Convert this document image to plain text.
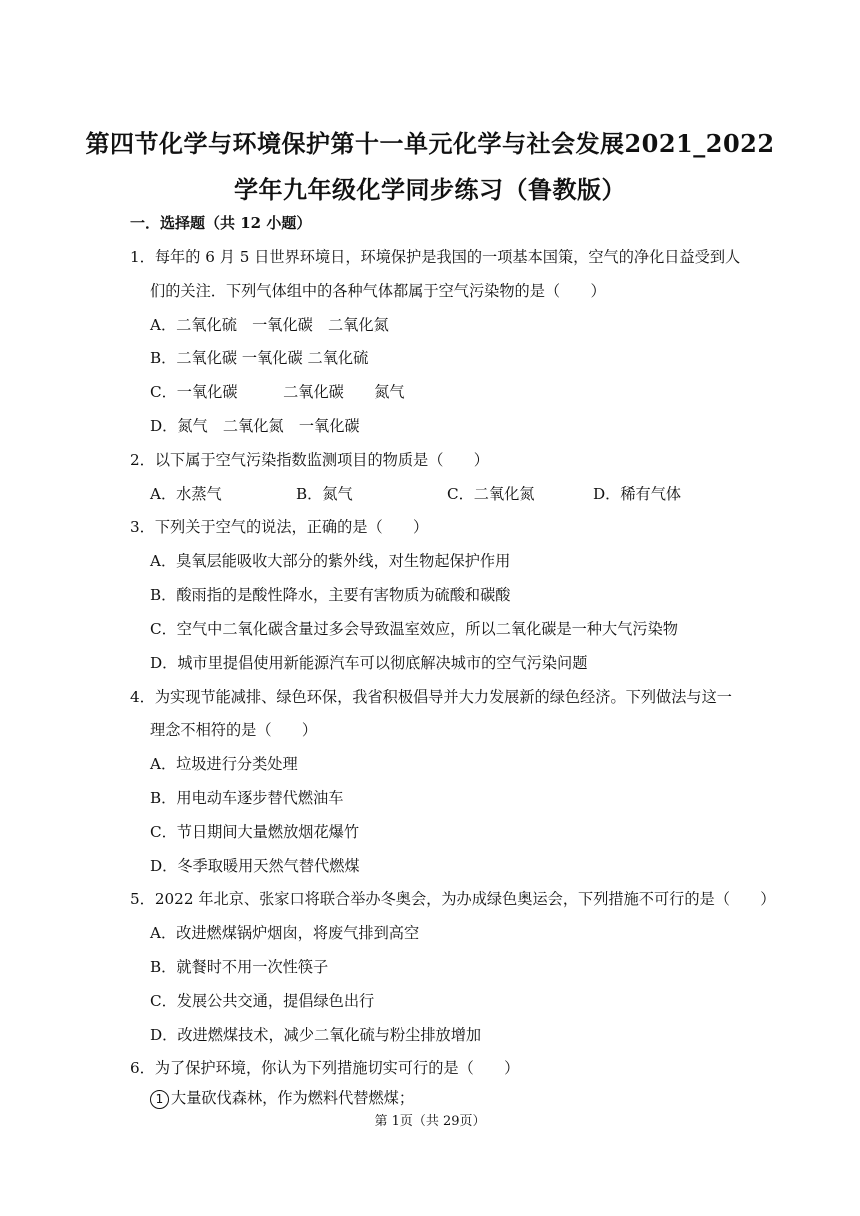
第四节化学与环境保护第十一单元化学与社会发展2021_2022
学年九年级化学同步练习（鲁教版）
一．选择题（共 12 小题）
1．每年的 6 月 5 日世界环境日，环境保护是我国的一项基本国策，空气的净化日益受到人
们的关注．下列气体组中的各种气体都属于空气污染物的是（　　）
A．二氧化硫　一氧化碳　二氧化氮
B．二氧化碳 一氧化碳 二氧化硫
C．一氧化碳　　　二氧化碳　　氮气
D．氮气　二氧化氮　一氧化碳
2．以下属于空气污染指数监测项目的物质是（　　）
A．水蒸气	B．氮气	C．二氧化氮	D．稀有气体
3．下列关于空气的说法，正确的是（　　）
A．臭氧层能吸收大部分的紫外线，对生物起保护作用
B．酸雨指的是酸性降水，主要有害物质为硫酸和碳酸
C．空气中二氧化碳含量过多会导致温室效应，所以二氧化碳是一种大气污染物
D．城市里提倡使用新能源汽车可以彻底解决城市的空气污染问题
4．为实现节能减排、绿色环保，我省积极倡导并大力发展新的绿色经济。下列做法与这一
理念不相符的是（　　）
A．垃圾进行分类处理
B．用电动车逐步替代燃油车
C．节日期间大量燃放烟花爆竹
D．冬季取暖用天然气替代燃煤
5．2022 年北京、张家口将联合举办冬奥会，为办成绿色奥运会，下列措施不可行的是（　　）
A．改进燃煤锅炉烟囱，将废气排到高空
B．就餐时不用一次性筷子
C．发展公共交通，提倡绿色出行
D．改进燃煤技术，减少二氧化硫与粉尘排放增加
6．为了保护环境，你认为下列措施切实可行的是（　　）
1 大量砍伐森林，作为燃料代替燃煤；
第 1页（共 29页）
